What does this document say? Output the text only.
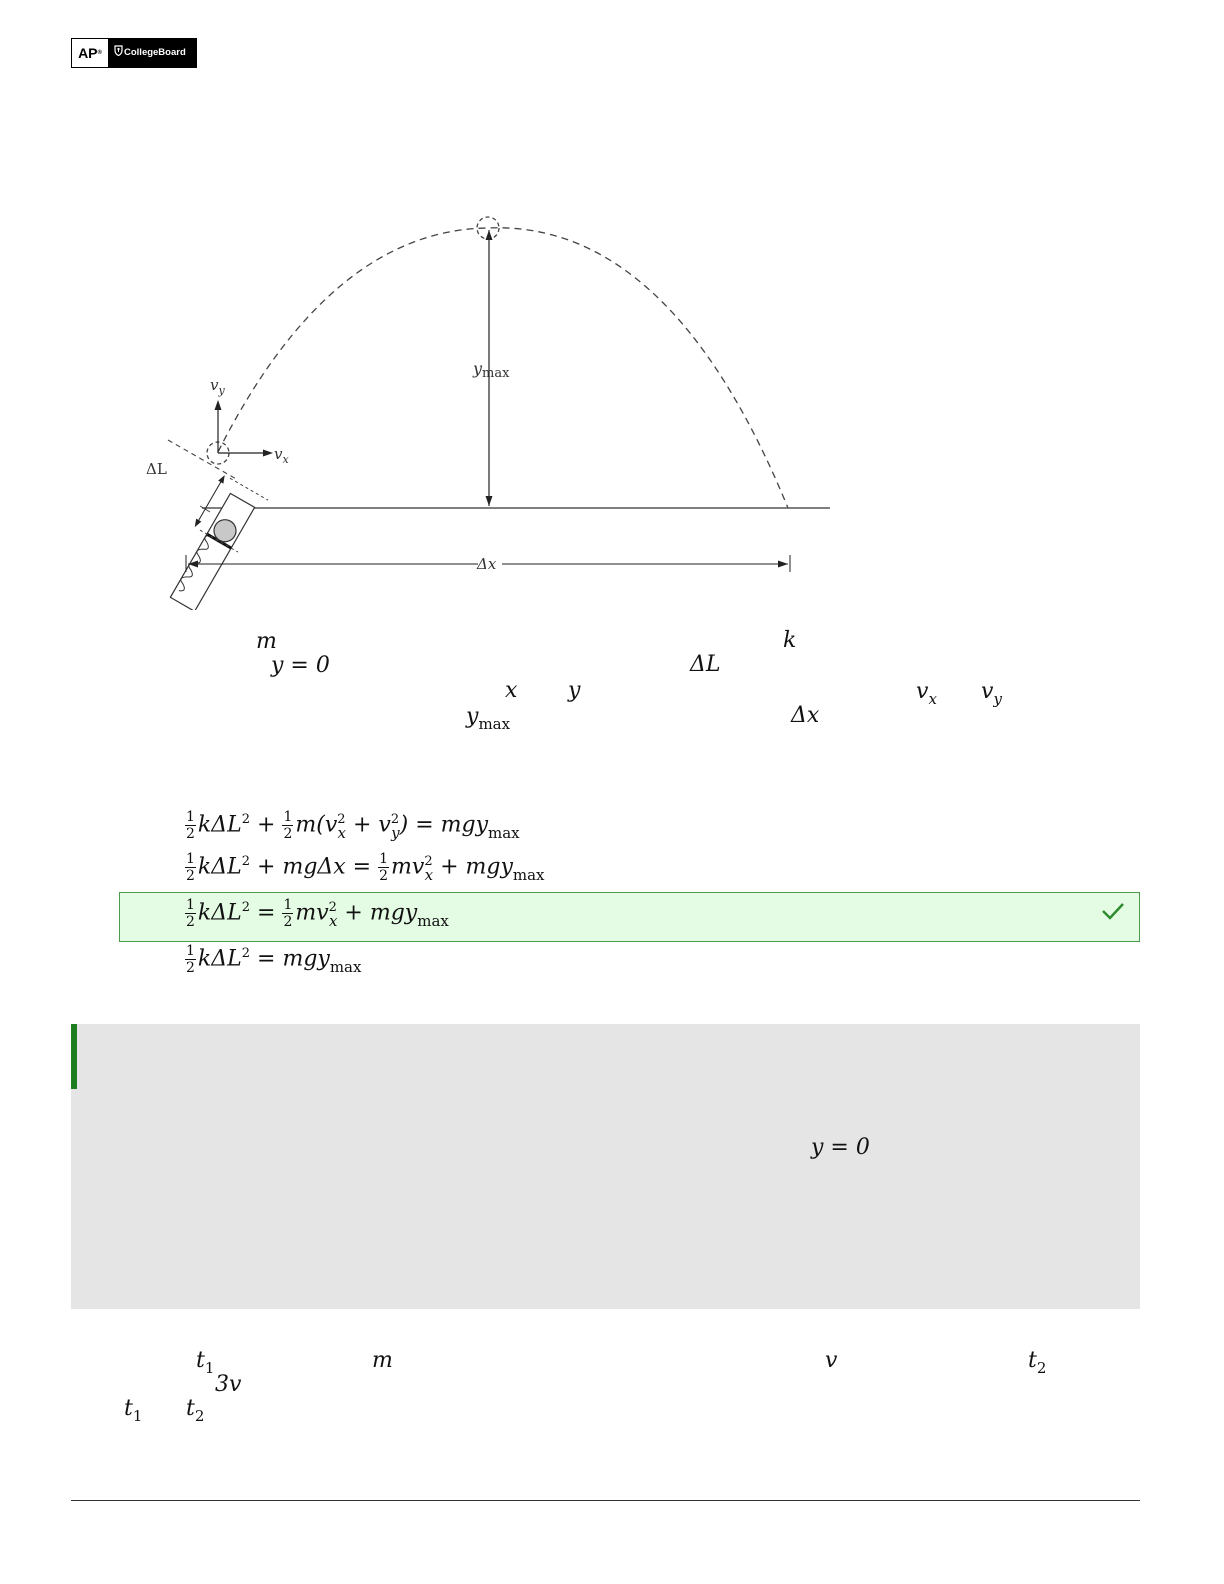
AP®	CollegeBoard
ymax
$v_y$
$v_x$
ΔL
Δx
m	k
y = 0	ΔL
x y	$v_x$ $v_y$
$y_{max}$	Δx
$\frac{1}{2} k\Delta L^2 + \frac{1}{2} m(v^2_x + v^2_y) = mgy_{max}$
$\frac{1}{2} k\Delta L^2 + mg\Delta x = \frac{1}{2} mv^2_x + mgy_{max}$
$\frac{1}{2} k\Delta L^2 = \frac{1}{2} mv^2_x + mgy_{max}$
$\frac{1}{2} k\Delta L^2 = mgy_{max}$
y = 0
$t_1$	m	v	$t_2$
3v
$t_1$ $t_2$
